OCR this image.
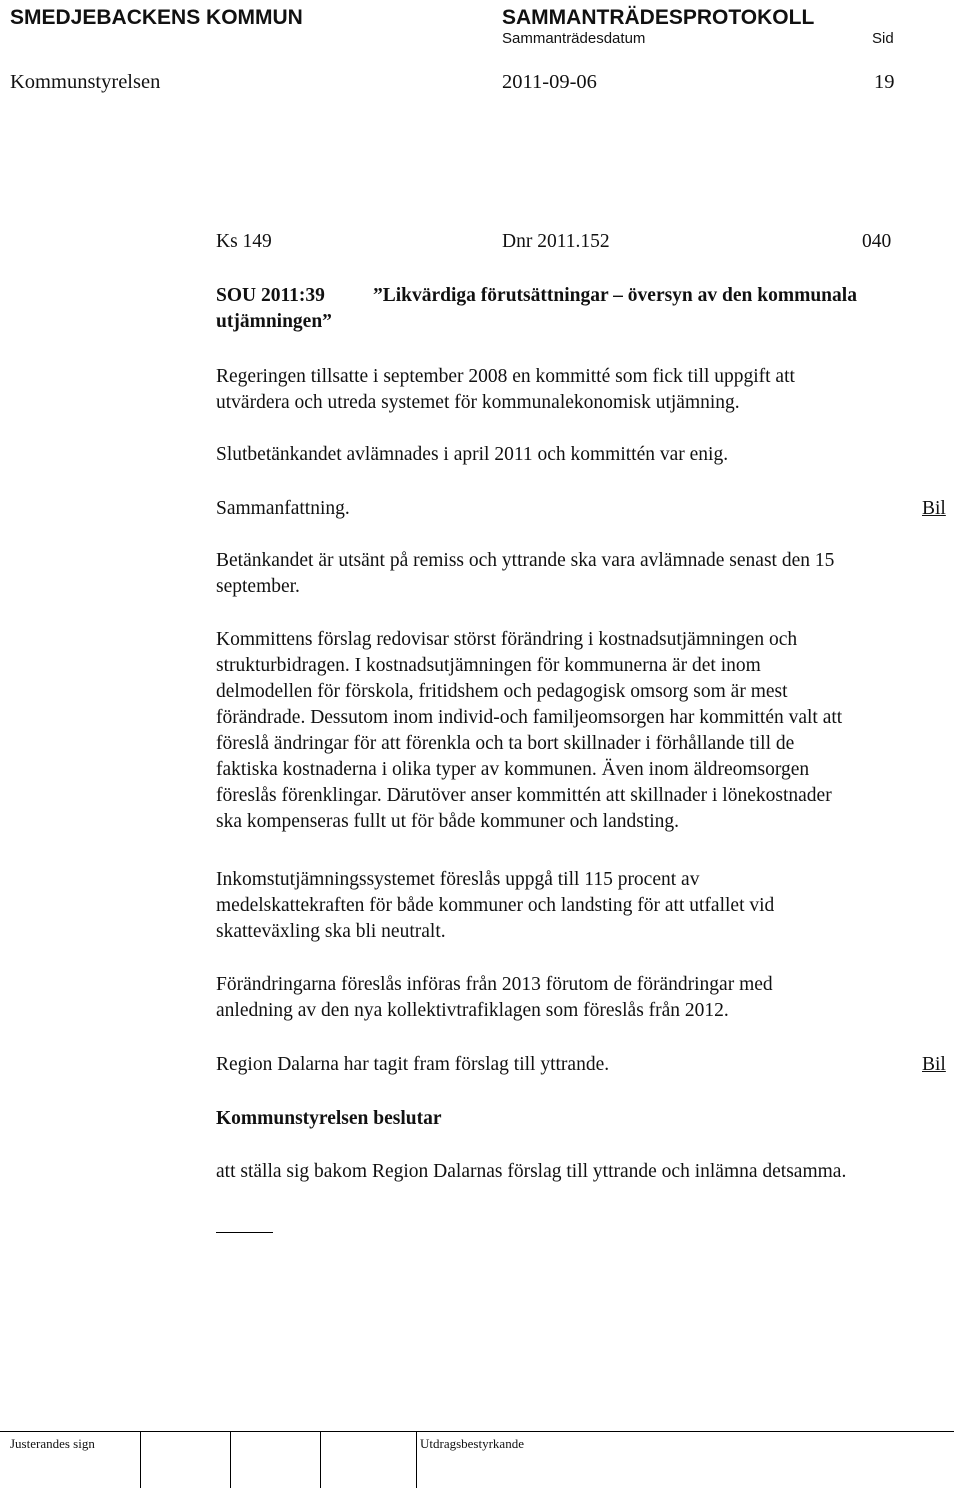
SMEDJEBACKENS KOMMUN	SAMMANTRÄDESPROTOKOLL
Sammanträdesdatum	Sid
Kommunstyrelsen	2011-09-06	19
Ks 149	Dnr 2011.152	040
SOU 2011:39 ”Likvärdiga förutsättningar – översyn av den kommunala
utjämningen”
Regeringen tillsatte i september 2008 en kommitté som fick till uppgift att
utvärdera och utreda systemet för kommunalekonomisk utjämning.
Slutbetänkandet avlämnades i april 2011 och kommittén var enig.
Sammanfattning.	Bil
Betänkandet är utsänt på remiss och yttrande ska vara avlämnade senast den 15
september.
Kommittens förslag redovisar störst förändring i kostnadsutjämningen och
strukturbidragen. I kostnadsutjämningen för kommunerna är det inom
delmodellen för förskola, fritidshem och pedagogisk omsorg som är mest
förändrade. Dessutom inom individ-och familjeomsorgen har kommittén valt att
föreslå ändringar för att förenkla och ta bort skillnader i förhållande till de
faktiska kostnaderna i olika typer av kommunen. Även inom äldreomsorgen
föreslås förenklingar. Därutöver anser kommittén att skillnader i lönekostnader
ska kompenseras fullt ut för både kommuner och landsting.
Inkomstutjämningssystemet föreslås uppgå till 115 procent av
medelskattekraften för både kommuner och landsting för att utfallet vid
skatteväxling ska bli neutralt.
Förändringarna föreslås införas från 2013 förutom de förändringar med
anledning av den nya kollektivtrafiklagen som föreslås från 2012.
Region Dalarna har tagit fram förslag till yttrande.	Bil
Kommunstyrelsen beslutar
att ställa sig bakom Region Dalarnas förslag till yttrande och inlämna detsamma.
Justerandes sign	Utdragsbestyrkande
